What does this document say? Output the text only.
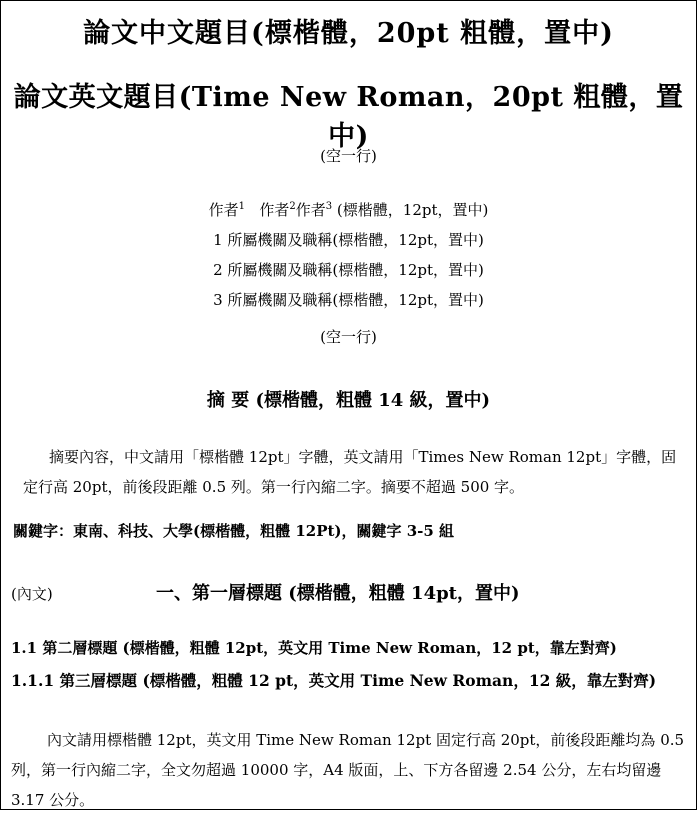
論文中文題目(標楷體，20pt 粗體，置中)
論文英文題目(Time New Roman，20pt 粗體，置中)
(空一行)
作者$^1$ 作者$^2$作者$^3$ (標楷體，12pt，置中)
1 所屬機關及職稱(標楷體，12pt，置中)
2 所屬機關及職稱(標楷體，12pt，置中)
3 所屬機關及職稱(標楷體，12pt，置中)
(空一行)
摘 要 (標楷體，粗體 14 級，置中)
摘要內容，中文請用「標楷體 12pt」字體，英文請用「Times New Roman 12pt」字體，固定行高 20pt，前後段距離 0.5 列。第一行內縮二字。摘要不超過 500 字。
關鍵字：東南、科技、大學(標楷體，粗體 12Pt)，關鍵字 3-5 組
(內文)	一、第一層標題 (標楷體，粗體 14pt，置中)
1.1 第二層標題 (標楷體，粗體 12pt，英文用 Time New Roman，12 pt，靠左對齊)
1.1.1 第三層標題 (標楷體，粗體 12 pt，英文用 Time New Roman，12 級，靠左對齊)
內文請用標楷體 12pt，英文用 Time New Roman 12pt 固定行高 20pt，前後段距離均為 0.5 列，第一行內縮二字，全文勿超過 10000 字，A4 版面，上、下方各留邊 2.54 公分，左右均留邊 3.17 公分。
